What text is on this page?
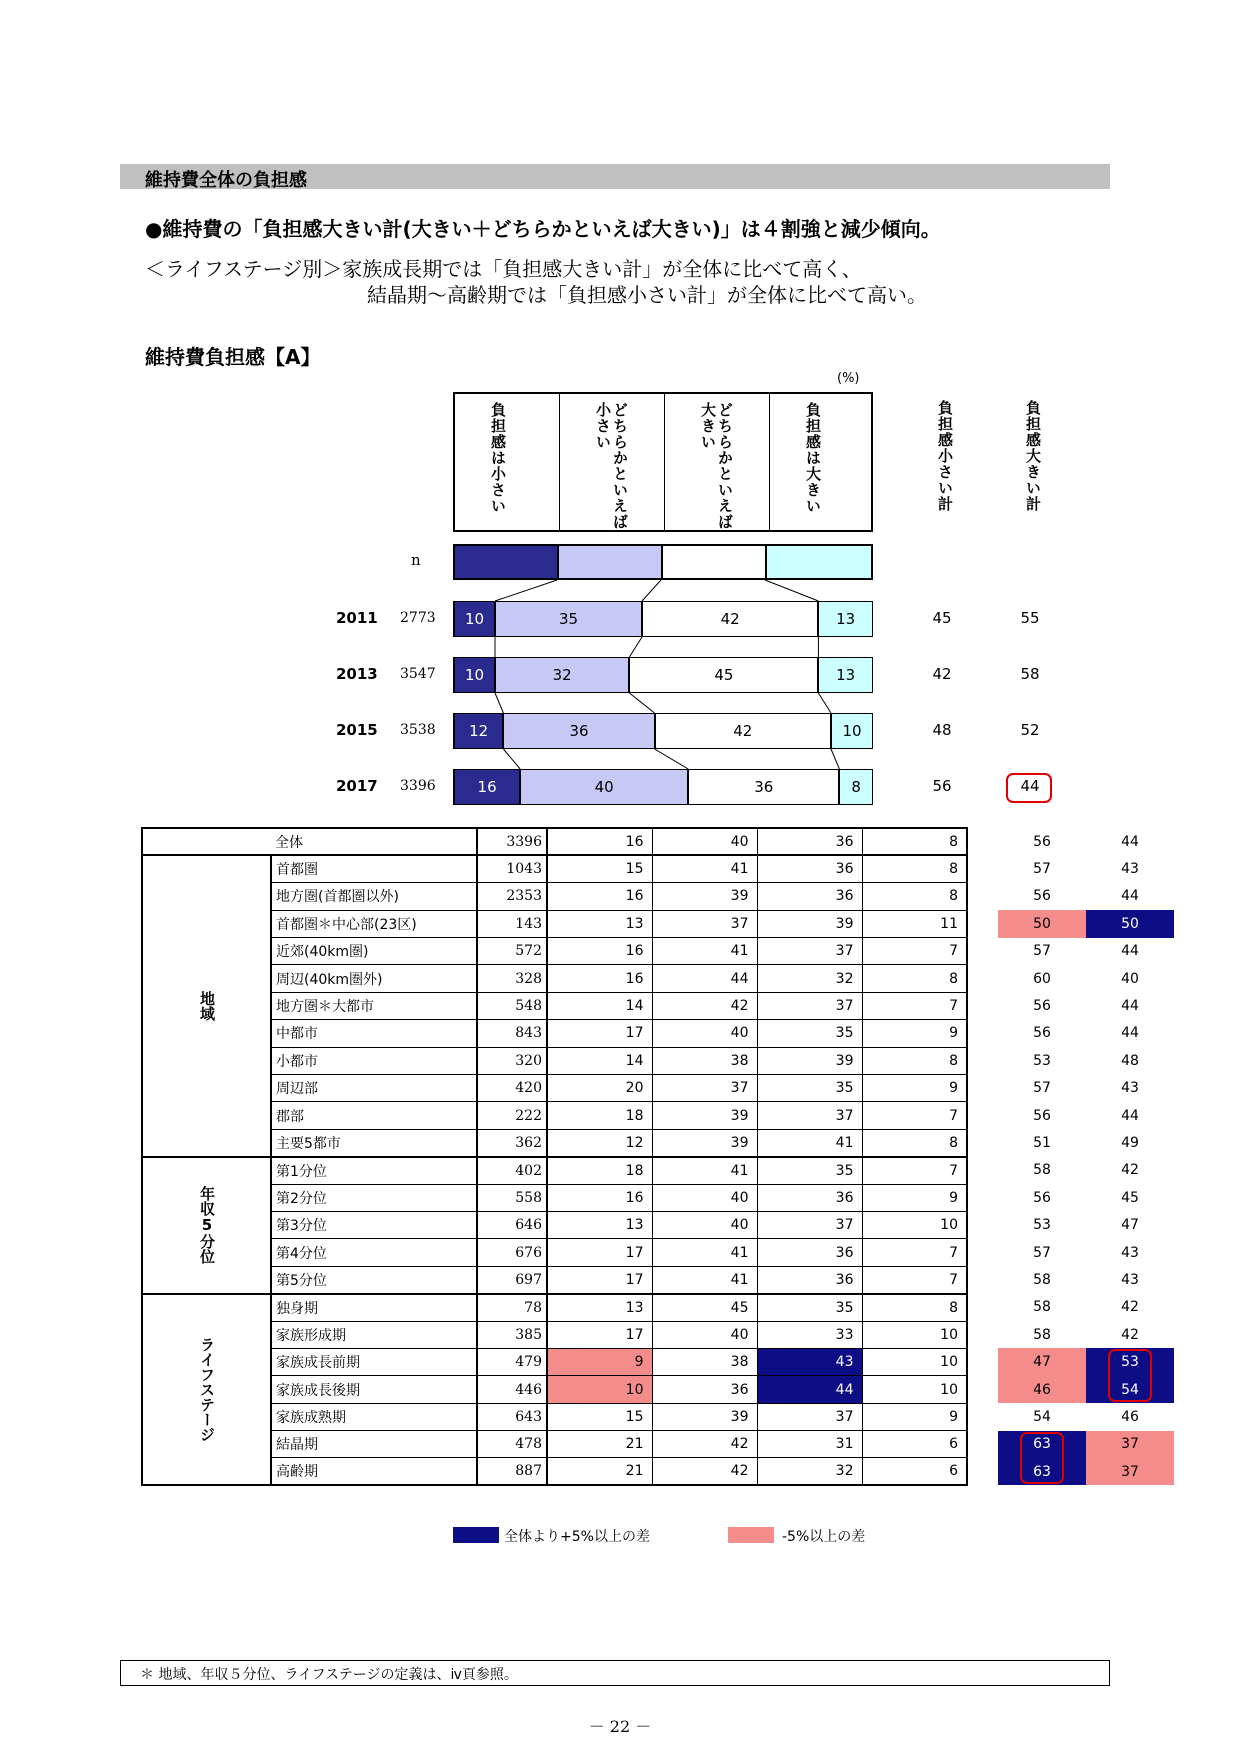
維持費全体の負担感
●維持費の「負担感大きい計(大きい＋どちらかといえば大きい)」は４割強と減少傾向。
＜ライフステージ別＞家族成長期では「負担感大きい計」が全体に比べて高く、
結晶期～高齢期では「負担感小さい計」が全体に比べて高い。
維持費負担感【A】
(%)
負担感は小さい	どちらかといえば小さい	どちらかといえば大きい	負担感は大きい	負担感小さい計	負担感大きい計
n
2011 2773	10	35	42	13	45	55
2013 3547	10	32	45	13	42	58
2015 3538	12	36	42	10	48	52
2017 3396	16	40	36	8	56	44
	全体	3396	16	40	36	8		56	44

地域	首都圏	1043	15	41	36	8		57	43
	地方圏(首都圏以外)	2353	16	39	36	8		56	44
	首都圏＊中心部(23区)	143	13	37	39	11		50	50
	近郊(40km圏)	572	16	41	37	7		57	44
	周辺(40km圏外)	328	16	44	32	8		60	40
	地方圏＊大都市	548	14	42	37	7		56	44
	中都市	843	17	40	35	9		56	44
	小都市	320	14	38	39	8		53	48
	周辺部	420	20	37	35	9		57	43
	郡部	222	18	39	37	7		56	44
	主要5都市	362	12	39	41	8		51	49

年収5分位	第1分位	402	18	41	35	7		58	42
	第2分位	558	16	40	36	9		56	45
	第3分位	646	13	40	37	10		53	47
	第4分位	676	17	41	36	7		57	43
	第5分位	697	17	41	36	7		58	43

ライフステージ	独身期	78	13	45	35	8		58	42
	家族形成期	385	17	40	33	10		58	42
	家族成長前期	479	9	38	43	10		47	53
	家族成長後期	446	10	36	44	10		46	54
	家族成熟期	643	15	39	37	9		54	46
	結晶期	478	21	42	31	6		63	37
	高齢期	887	21	42	32	6		63	37
全体より+5%以上の差	-5%以上の差
＊ 地域、年収５分位、ライフステージの定義は、ⅳ頁参照。
－ 22 －
